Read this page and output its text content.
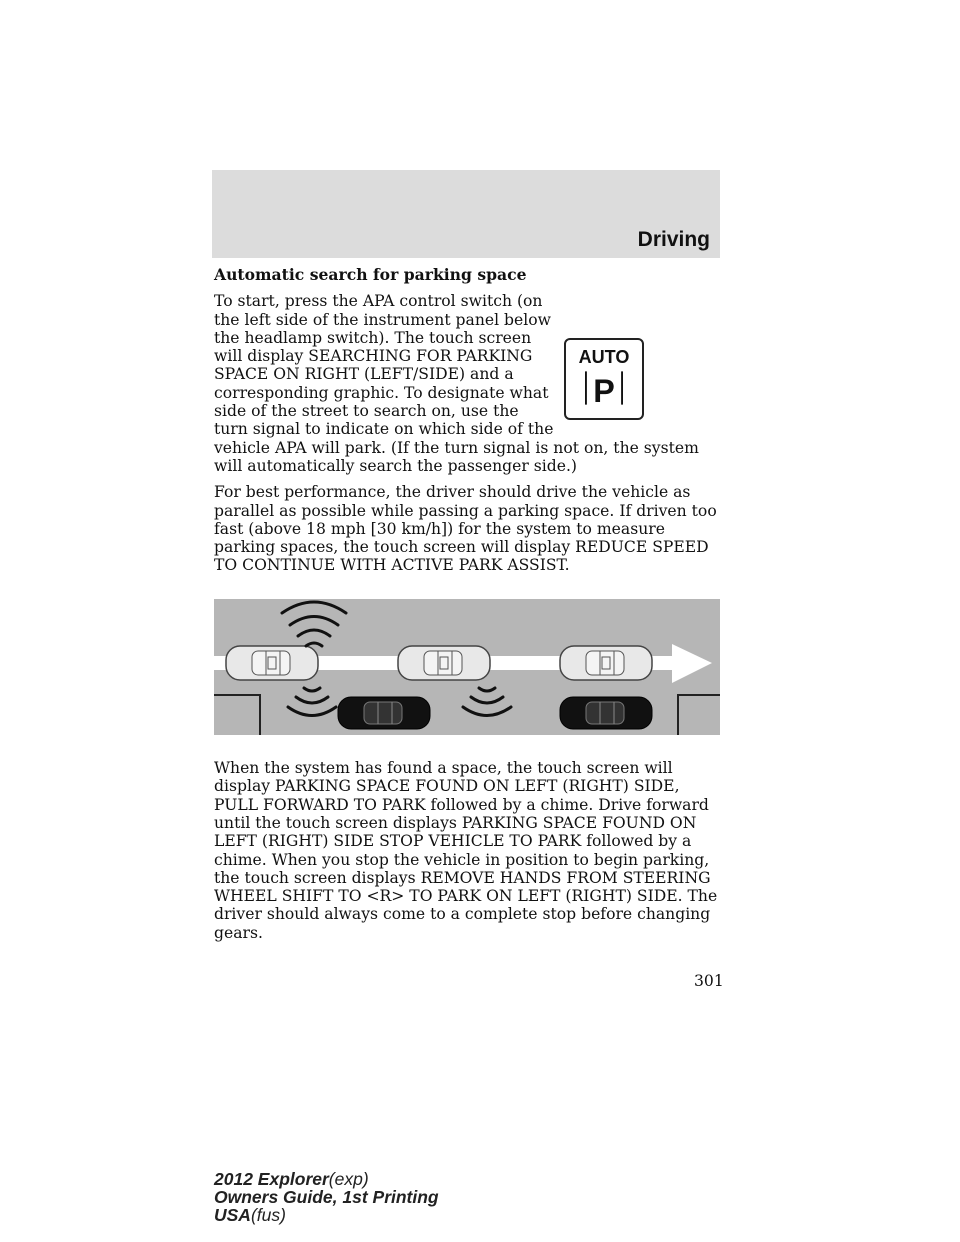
Driving

Automatic search for parking space

AUTO
P

To start, press the APA control switch (on the left side of the instrument panel below the headlamp switch). The touch screen will display SEARCHING FOR PARKING SPACE ON RIGHT (LEFT/SIDE) and a corresponding graphic. To designate what side of the street to search on, use the turn signal to indicate on which side of the vehicle APA will park. (If the turn signal is not on, the system will automatically search the passenger side.)

For best performance, the driver should drive the vehicle as parallel as possible while passing a parking space. If driven too fast (above 18 mph [30 km/h]) for the system to measure parking spaces, the touch screen will display REDUCE SPEED TO CONTINUE WITH ACTIVE PARK ASSIST.

When the system has found a space, the touch screen will display PARKING SPACE FOUND ON LEFT (RIGHT) SIDE, PULL FORWARD TO PARK followed by a chime. Drive forward until the touch screen displays PARKING SPACE FOUND ON LEFT (RIGHT) SIDE STOP VEHICLE TO PARK followed by a chime. When you stop the vehicle in position to begin parking, the touch screen displays REMOVE HANDS FROM STEERING WHEEL SHIFT TO <R> TO PARK ON LEFT (RIGHT) SIDE. The driver should always come to a complete stop before changing gears.

301
2012 Explorer(exp)
Owners Guide, 1st Printing
USA(fus)
